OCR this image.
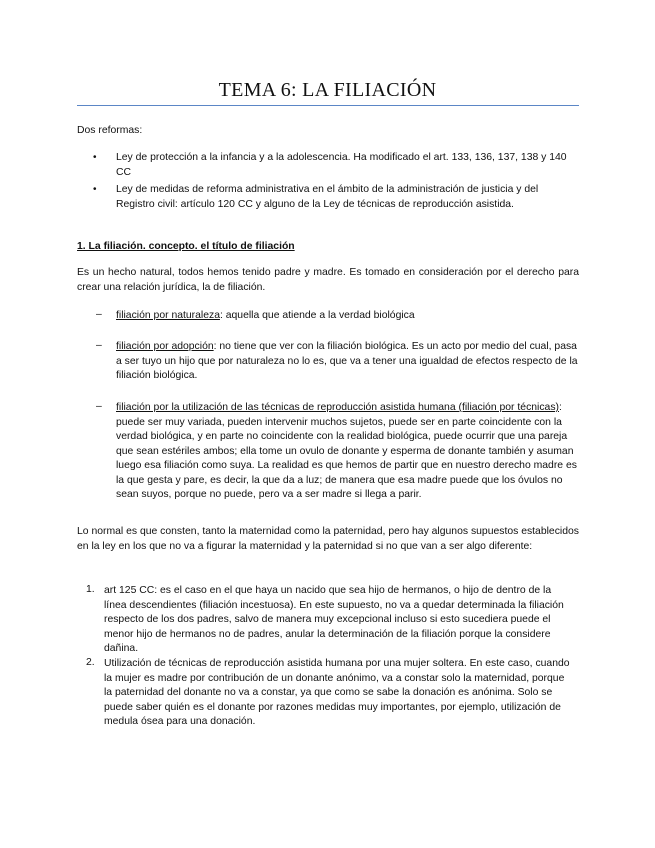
TEMA 6: LA FILIACIÓN
Dos reformas:
• Ley de protección a la infancia y a la adolescencia. Ha modificado el art. 133, 136, 137, 138 y 140 CC
• Ley de medidas de reforma administrativa en el ámbito de la administración de justicia y del Registro civil: artículo 120 CC y alguno de la Ley de técnicas de reproducción asistida.
1. La filiación. concepto. el título de filiación
Es un hecho natural, todos hemos tenido padre y madre. Es tomado en consideración por el derecho para crear una relación jurídica, la de filiación.
– filiación por naturaleza: aquella que atiende a la verdad biológica
– filiación por adopción: no tiene que ver con la filiación biológica. Es un acto por medio del cual, pasa a ser tuyo un hijo que por naturaleza no lo es, que va a tener una igualdad de efectos respecto de la filiación biológica.
– filiación por la utilización de las técnicas de reproducción asistida humana (filiación por técnicas): puede ser muy variada, pueden intervenir muchos sujetos, puede ser en parte coincidente con la verdad biológica, y en parte no coincidente con la realidad biológica, puede ocurrir que una pareja que sean estériles ambos; ella tome un ovulo de donante y esperma de donante también y asuman luego esa filiación como suya. La realidad es que hemos de partir que en nuestro derecho madre es la que gesta y pare, es decir, la que da a luz; de manera que esa madre puede que los óvulos no sean suyos, porque no puede, pero va a ser madre si llega a parir.
Lo normal es que consten, tanto la maternidad como la paternidad, pero hay algunos supuestos establecidos en la ley en los que no va a figurar la maternidad y la paternidad si no que van a ser algo diferente:
1. art 125 CC: es el caso en el que haya un nacido que sea hijo de hermanos, o hijo de dentro de la línea descendientes (filiación incestuosa). En este supuesto, no va a quedar determinada la filiación respecto de los dos padres, salvo de manera muy excepcional incluso si esto sucediera puede el menor hijo de hermanos no de padres, anular la determinación de la filiación porque la considere dañina.
2. Utilización de técnicas de reproducción asistida humana por una mujer soltera. En este caso, cuando la mujer es madre por contribución de un donante anónimo, va a constar solo la maternidad, porque la paternidad del donante no va a constar, ya que como se sabe la donación es anónima. Solo se puede saber quién es el donante por razones medidas muy importantes, por ejemplo, utilización de medula ósea para una donación.
